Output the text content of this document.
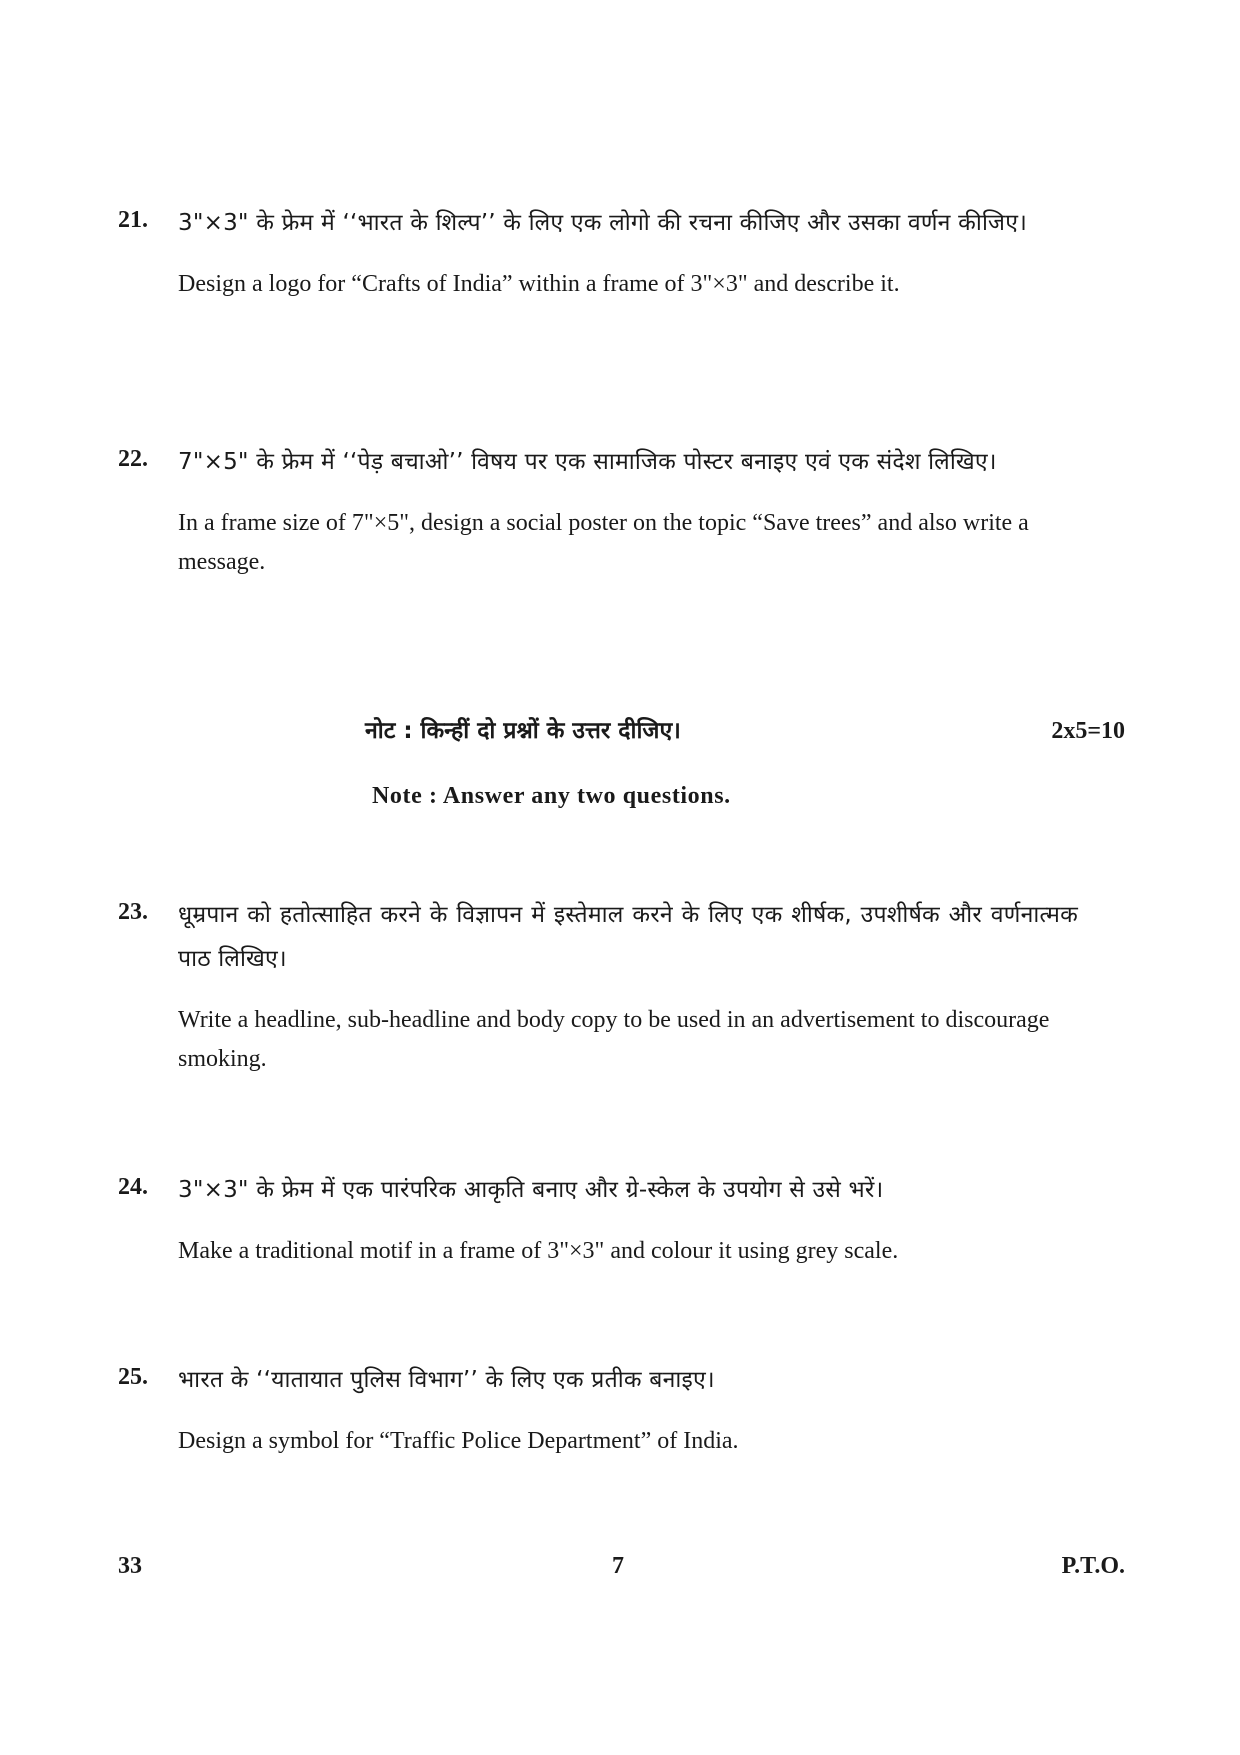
21. 3"×3" के फ्रेम में ‘‘भारत के शिल्प’’ के लिए एक लोगो की रचना कीजिए और उसका वर्णन कीजिए।
Design a logo for “Crafts of India” within a frame of 3"×3" and describe it.
22. 7"×5" के फ्रेम में ‘‘पेड़ बचाओ’’ विषय पर एक सामाजिक पोस्टर बनाइए एवं एक संदेश लिखिए।
In a frame size of 7"×5", design a social poster on the topic “Save trees” and also write a message.
नोट : किन्हीं दो प्रश्नों के उत्तर दीजिए।	2x5=10
Note : Answer any two questions.
23. धूम्रपान को हतोत्साहित करने के विज्ञापन में इस्तेमाल करने के लिए एक शीर्षक, उपशीर्षक और वर्णनात्मक पाठ लिखिए।
Write a headline, sub-headline and body copy to be used in an advertisement to discourage smoking.
24. 3"×3" के फ्रेम में एक पारंपरिक आकृति बनाए और ग्रे-स्केल के उपयोग से उसे भरें।
Make a traditional motif in a frame of 3"×3" and colour it using grey scale.
25. भारत के ‘‘यातायात पुलिस विभाग’’ के लिए एक प्रतीक बनाइए।
Design a symbol for “Traffic Police Department” of India.
33	7	P.T.O.
